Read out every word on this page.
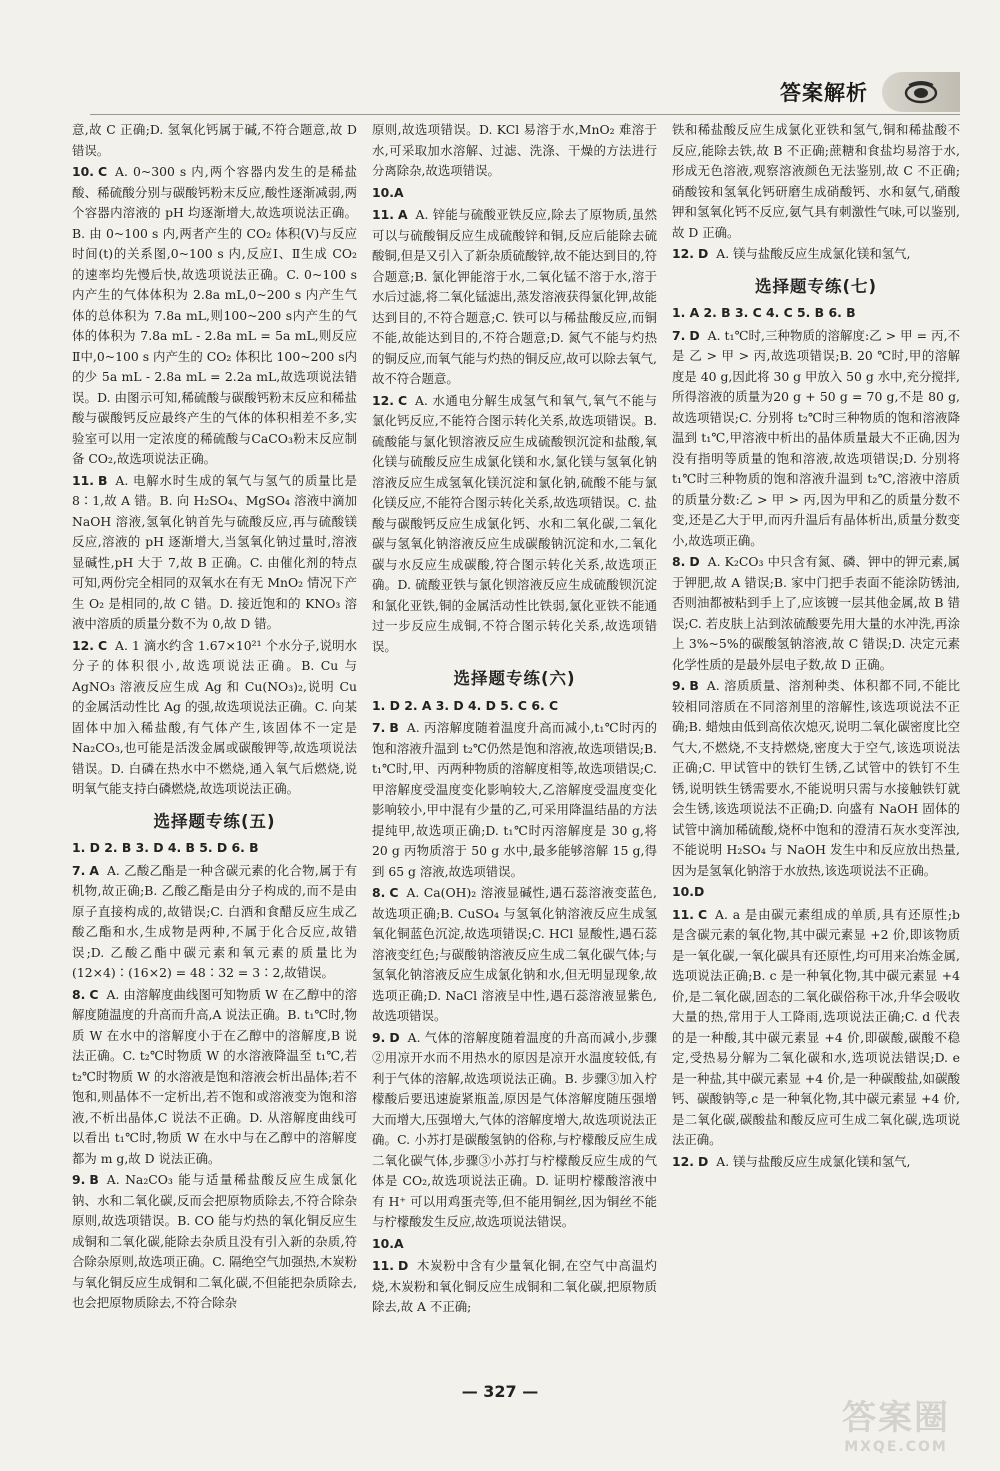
答案解析

意,故 C 正确;D. 氢氧化钙属于碱,不符合题意,故 D 错误。

10. C A. 0~300 s 内,两个容器内发生的是稀盐酸、稀硫酸分别与碳酸钙粉末反应,酸性逐渐减弱,两个容器内溶液的 pH 均逐渐增大,故选项说法正确。B. 由 0~100 s 内,两者产生的 CO₂ 体积(V)与反应时间(t)的关系图,0~100 s 内,反应Ⅰ、Ⅱ生成 CO₂ 的速率均先慢后快,故选项说法正确。C. 0~100 s 内产生的气体体积为 2.8a mL,0~200 s 内产生气体的总体积为 7.8a mL,则100~200 s内产生的气体的体积为 7.8a mL - 2.8a mL = 5a mL,则反应Ⅱ中,0~100 s 内产生的 CO₂ 体积比 100~200 s内的少 5a mL - 2.8a mL = 2.2a mL,故选项说法错误。D. 由图示可知,稀硫酸与碳酸钙粉末反应和稀盐酸与碳酸钙反应最终产生的气体的体积相差不多,实验室可以用一定浓度的稀硫酸与CaCO₃粉末反应制备 CO₂,故选项说法正确。

11. B A. 电解水时生成的氧气与氢气的质量比是 8∶1,故 A 错。B. 向 H₂SO₄、MgSO₄ 溶液中滴加 NaOH 溶液,氢氧化钠首先与硫酸反应,再与硫酸镁反应,溶液的 pH 逐渐增大,当氢氧化钠过量时,溶液显碱性,pH 大于 7,故 B 正确。C. 由催化剂的特点可知,两份完全相同的双氧水在有无 MnO₂ 情况下产生 O₂ 是相同的,故 C 错。D. 接近饱和的 KNO₃ 溶液中溶质的质量分数不为 0,故 D 错。

12. C A. 1 滴水约含 1.67×10²¹ 个水分子,说明水分子的体积很小,故选项说法正确。B. Cu 与 AgNO₃ 溶液反应生成 Ag 和 Cu(NO₃)₂,说明 Cu 的金属活动性比 Ag 的强,故选项说法正确。C. 向某固体中加入稀盐酸,有气体产生,该固体不一定是 Na₂CO₃,也可能是活泼金属或碳酸钾等,故选项说法错误。D. 白磷在热水中不燃烧,通入氧气后燃烧,说明氧气能支持白磷燃烧,故选项说法正确。

选择题专练(五)
1. D 2. B 3. D 4. B 5. D 6. B

7. A A. 乙酸乙酯是一种含碳元素的化合物,属于有机物,故正确;B. 乙酸乙酯是由分子构成的,而不是由原子直接构成的,故错误;C. 白酒和食醋反应生成乙酸乙酯和水,生成物是两种,不属于化合反应,故错误;D. 乙酸乙酯中碳元素和氧元素的质量比为(12×4)∶(16×2) = 48∶32 = 3∶2,故错误。

8. C A. 由溶解度曲线图可知物质 W 在乙醇中的溶解度随温度的升高而升高,A 说法正确。B. t₁℃时,物质 W 在水中的溶解度小于在乙醇中的溶解度,B 说法正确。C. t₂℃时物质 W 的水溶液降温至 t₁℃,若 t₂℃时物质 W 的水溶液是饱和溶液会析出晶体;若不饱和,则晶体不一定析出,若不饱和或溶液变为饱和溶液,不析出晶体,C 说法不正确。D. 从溶解度曲线可以看出 t₁℃时,物质 W 在水中与在乙醇中的溶解度都为 m g,故 D 说法正确。

9. B A. Na₂CO₃ 能与适量稀盐酸反应生成氯化钠、水和二氧化碳,反而会把原物质除去,不符合除杂原则,故选项错误。B. CO 能与灼热的氧化铜反应生成铜和二氧化碳,能除去杂质且没有引入新的杂质,符合除杂原则,故选项正确。C. 隔绝空气加强热,木炭粉与氧化铜反应生成铜和二氧化碳,不但能把杂质除去,也会把原物质除去,不符合除杂

原则,故选项错误。D. KCl 易溶于水,MnO₂ 难溶于水,可采取加水溶解、过滤、洗涤、干燥的方法进行分离除杂,故选项错误。

10.A

11. A A. 锌能与硫酸亚铁反应,除去了原物质,虽然可以与硫酸铜反应生成硫酸锌和铜,反应后能除去硫酸铜,但是又引入了新杂质硫酸锌,故不能达到目的,符合题意;B. 氯化钾能溶于水,二氧化锰不溶于水,溶于水后过滤,将二氧化锰滤出,蒸发溶液获得氯化钾,故能达到目的,不符合题意;C. 铁可以与稀盐酸反应,而铜不能,故能达到目的,不符合题意;D. 氮气不能与灼热的铜反应,而氧气能与灼热的铜反应,故可以除去氧气,故不符合题意。

12. C A. 水通电分解生成氢气和氧气,氧气不能与氯化钙反应,不能符合图示转化关系,故选项错误。B. 硫酸能与氯化钡溶液反应生成硫酸钡沉淀和盐酸,氧化镁与硫酸反应生成氯化镁和水,氯化镁与氢氧化钠溶液反应生成氢氧化镁沉淀和氯化钠,硫酸不能与氯化镁反应,不能符合图示转化关系,故选项错误。C. 盐酸与碳酸钙反应生成氯化钙、水和二氧化碳,二氧化碳与氢氧化钠溶液反应生成碳酸钠沉淀和水,二氧化碳与水反应生成碳酸,符合图示转化关系,故选项正确。D. 硫酸亚铁与氯化钡溶液反应生成硫酸钡沉淀和氯化亚铁,铜的金属活动性比铁弱,氯化亚铁不能通过一步反应生成铜,不符合图示转化关系,故选项错误。

选择题专练(六)
1. D 2. A 3. D 4. D 5. C 6. C

7. B A. 丙溶解度随着温度升高而减小,t₁℃时丙的饱和溶液升温到 t₂℃仍然是饱和溶液,故选项错误;B. t₁℃时,甲、丙两种物质的溶解度相等,故选项错误;C. 甲溶解度受温度变化影响较大,乙溶解度受温度变化影响较小,甲中混有少量的乙,可采用降温结晶的方法提纯甲,故选项正确;D. t₁℃时丙溶解度是 30 g,将 20 g 丙物质溶于 50 g 水中,最多能够溶解 15 g,得到 65 g 溶液,故选项错误。

8. C A. Ca(OH)₂ 溶液显碱性,遇石蕊溶液变蓝色,故选项正确;B. CuSO₄ 与氢氧化钠溶液反应生成氢氧化铜蓝色沉淀,故选项错误;C. HCl 显酸性,遇石蕊溶液变红色;与碳酸钠溶液反应生成二氧化碳气体;与氢氧化钠溶液反应生成氯化钠和水,但无明显现象,故选项正确;D. NaCl 溶液呈中性,遇石蕊溶液显紫色,故选项错误。

9. D A. 气体的溶解度随着温度的升高而减小,步骤②用凉开水而不用热水的原因是凉开水温度较低,有利于气体的溶解,故选项说法正确。B. 步骤③加入柠檬酸后要迅速旋紧瓶盖,原因是气体溶解度随压强增大而增大,压强增大,气体的溶解度增大,故选项说法正确。C. 小苏打是碳酸氢钠的俗称,与柠檬酸反应生成二氧化碳气体,步骤③小苏打与柠檬酸反应生成的气体是 CO₂,故选项说法正确。D. 证明柠檬酸溶液中有 H⁺ 可以用鸡蛋壳等,但不能用铜丝,因为铜丝不能与柠檬酸发生反应,故选项说法错误。

10.A

11. D 木炭粉中含有少量氧化铜,在空气中高温灼烧,木炭粉和氧化铜反应生成铜和二氧化碳,把原物质除去,故 A 不正确;

铁和稀盐酸反应生成氯化亚铁和氢气,铜和稀盐酸不反应,能除去铁,故 B 不正确;蔗糖和食盐均易溶于水,形成无色溶液,观察溶液颜色无法鉴别,故 C 不正确;硝酸铵和氢氧化钙研磨生成硝酸钙、水和氨气,硝酸钾和氢氧化钙不反应,氨气具有刺激性气味,可以鉴别,故 D 正确。

12. D A. 镁与盐酸反应生成氯化镁和氢气,

选择题专练(七)
1. A 2. B 3. C 4. C 5. B 6. B

7. D A. t₁℃时,三种物质的溶解度:乙 > 甲 = 丙,不是 乙 > 甲 > 丙,故选项错误;B. 20 ℃时,甲的溶解度是 40 g,因此将 30 g 甲放入 50 g 水中,充分搅拌,所得溶液的质量为20 g + 50 g = 70 g,不是 80 g,故选项错误;C. 分别将 t₂℃时三种物质的饱和溶液降温到 t₁℃,甲溶液中析出的晶体质量最大不正确,因为没有指明等质量的饱和溶液,故选项错误;D. 分别将 t₁℃时三种物质的饱和溶液升温到 t₂℃,溶液中溶质的质量分数:乙 > 甲 > 丙,因为甲和乙的质量分数不变,还是乙大于甲,而丙升温后有晶体析出,质量分数变小,故选项正确。

8. D A. K₂CO₃ 中只含有氮、磷、钾中的钾元素,属于钾肥,故 A 错误;B. 家中门把手表面不能涂防锈油,否则油都被粘到手上了,应该镀一层其他金属,故 B 错误;C. 若皮肤上沾到浓硫酸要先用大量的水冲洗,再涂上 3%~5%的碳酸氢钠溶液,故 C 错误;D. 决定元素化学性质的是最外层电子数,故 D 正确。

9. B A. 溶质质量、溶剂种类、体积都不同,不能比较相同溶质在不同溶剂里的溶解性,该选项说法不正确;B. 蜡烛由低到高依次熄灭,说明二氧化碳密度比空气大,不燃烧,不支持燃烧,密度大于空气,该选项说法正确;C. 甲试管中的铁钉生锈,乙试管中的铁钉不生锈,说明铁生锈需要水,不能说明只需与水接触铁钉就会生锈,该选项说法不正确;D. 向盛有 NaOH 固体的试管中滴加稀硫酸,烧杯中饱和的澄清石灰水变浑浊,不能说明 H₂SO₄ 与 NaOH 发生中和反应放出热量,因为是氢氧化钠溶于水放热,该选项说法不正确。

10.D

11. C A. a 是由碳元素组成的单质,具有还原性;b 是含碳元素的氧化物,其中碳元素显 +2 价,即该物质是一氧化碳,一氧化碳具有还原性,均可用来冶炼金属,选项说法正确;B. c 是一种氧化物,其中碳元素显 +4 价,是二氧化碳,固态的二氧化碳俗称干冰,升华会吸收大量的热,常用于人工降雨,选项说法正确;C. d 代表的是一种酸,其中碳元素显 +4 价,即碳酸,碳酸不稳定,受热易分解为二氧化碳和水,选项说法错误;D. e 是一种盐,其中碳元素显 +4 价,是一种碳酸盐,如碳酸钙、碳酸钠等,c 是一种氧化物,其中碳元素显 +4 价,是二氧化碳,碳酸盐和酸反应可生成二氧化碳,选项说法正确。

12. D A. 镁与盐酸反应生成氯化镁和氢气,

— 327 —
答案圈
MXQE.COM
